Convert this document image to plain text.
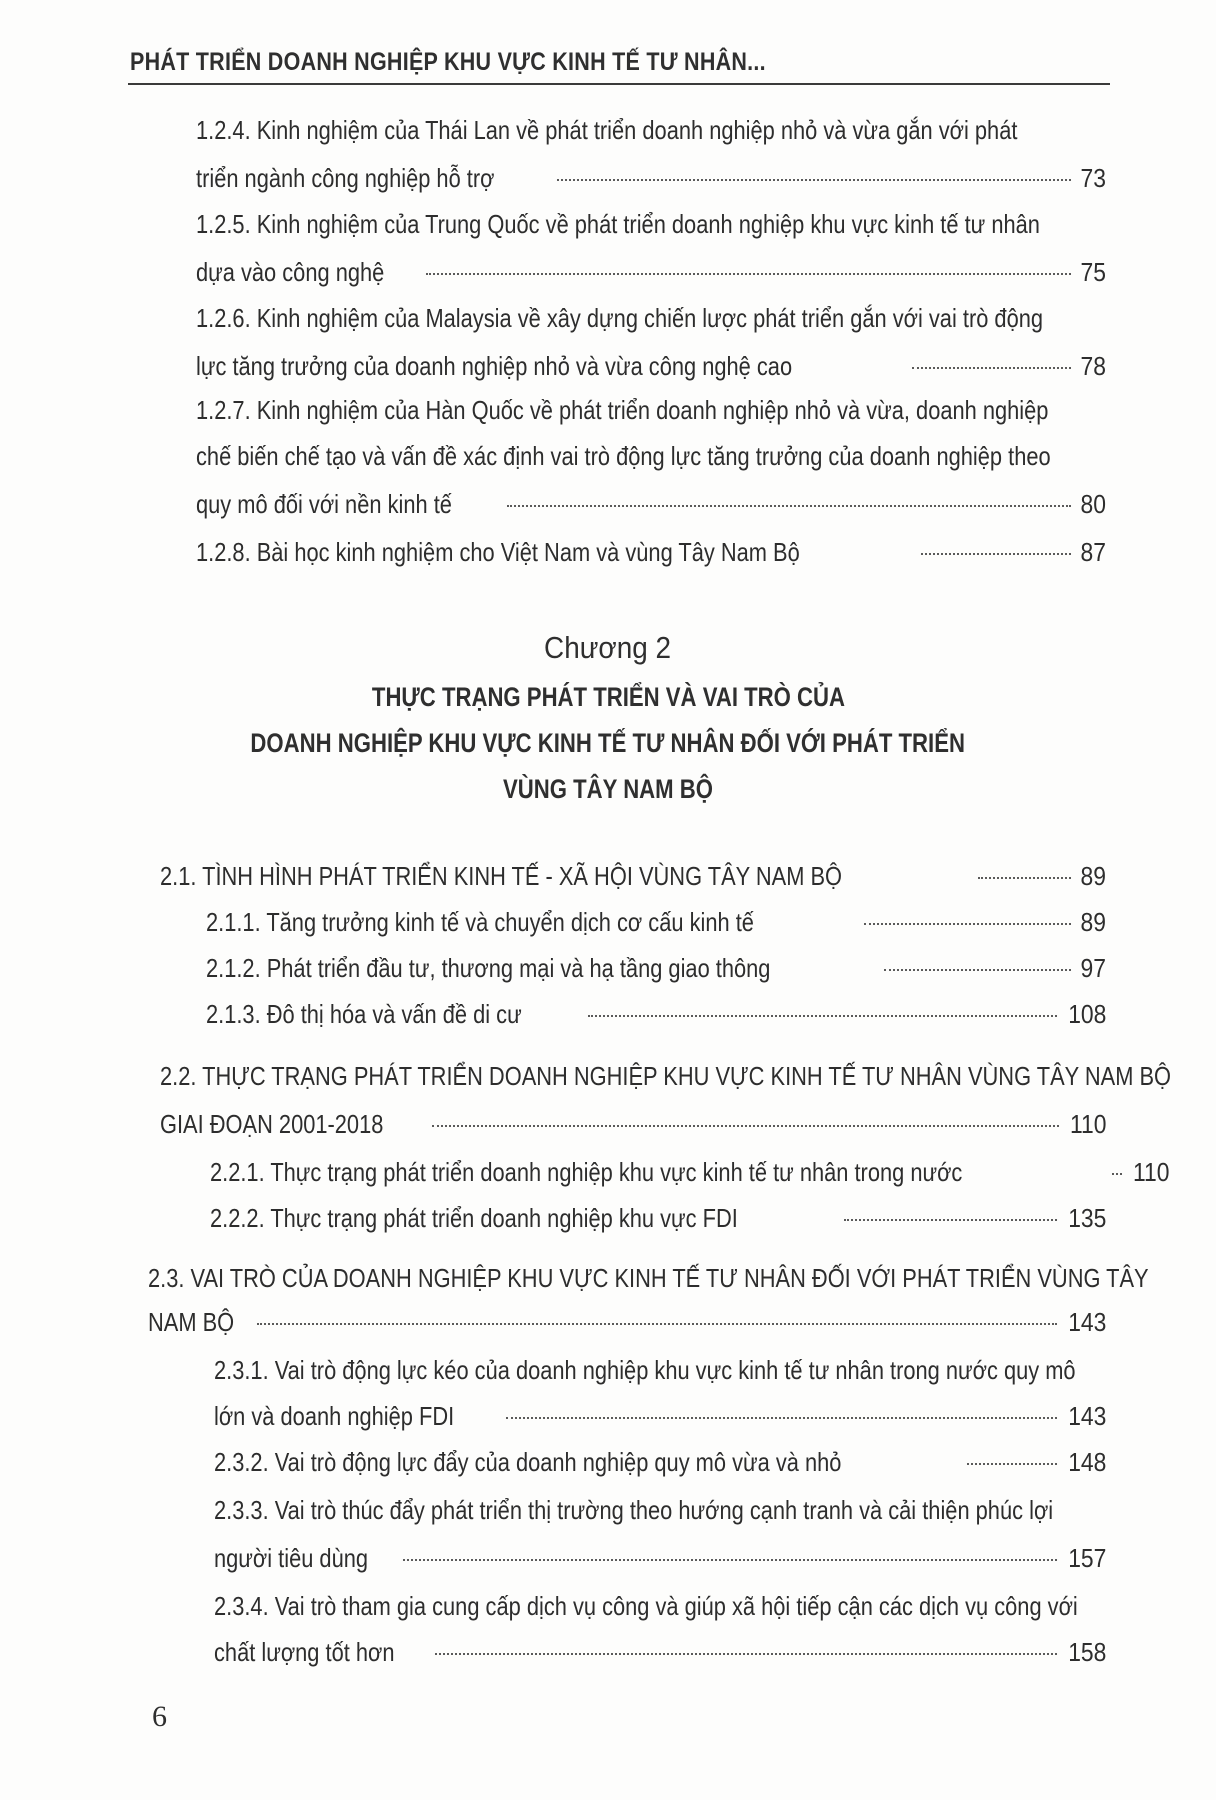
PHÁT TRIỂN DOANH NGHIỆP KHU VỰC KINH TẾ TƯ NHÂN...
1.2.4. Kinh nghiệm của Thái Lan về phát triển doanh nghiệp nhỏ và vừa gắn với phát
triển ngành công nghiệp hỗ trợ	73
1.2.5. Kinh nghiệm của Trung Quốc về phát triển doanh nghiệp khu vực kinh tế tư nhân
dựa vào công nghệ	75
1.2.6. Kinh nghiệm của Malaysia về xây dựng chiến lược phát triển gắn với vai trò động
lực tăng trưởng của doanh nghiệp nhỏ và vừa công nghệ cao	78
1.2.7. Kinh nghiệm của Hàn Quốc về phát triển doanh nghiệp nhỏ và vừa, doanh nghiệp
chế biến chế tạo và vấn đề xác định vai trò động lực tăng trưởng của doanh nghiệp theo
quy mô đối với nền kinh tế	80
1.2.8. Bài học kinh nghiệm cho Việt Nam và vùng Tây Nam Bộ	87
Chương 2
THỰC TRẠNG PHÁT TRIỂN VÀ VAI TRÒ CỦA
DOANH NGHIỆP KHU VỰC KINH TẾ TƯ NHÂN ĐỐI VỚI PHÁT TRIỂN
VÙNG TÂY NAM BỘ
2.1. TÌNH HÌNH PHÁT TRIỂN KINH TẾ - XÃ HỘI VÙNG TÂY NAM BỘ	89
2.1.1. Tăng trưởng kinh tế và chuyển dịch cơ cấu kinh tế	89
2.1.2. Phát triển đầu tư, thương mại và hạ tầng giao thông	97
2.1.3. Đô thị hóa và vấn đề di cư	108
2.2. THỰC TRẠNG PHÁT TRIỂN DOANH NGHIỆP KHU VỰC KINH TẾ TƯ NHÂN VÙNG TÂY NAM BỘ
GIAI ĐOẠN 2001-2018	110
2.2.1. Thực trạng phát triển doanh nghiệp khu vực kinh tế tư nhân trong nước	110
2.2.2. Thực trạng phát triển doanh nghiệp khu vực FDI	135
2.3. VAI TRÒ CỦA DOANH NGHIỆP KHU VỰC KINH TẾ TƯ NHÂN ĐỐI VỚI PHÁT TRIỂN VÙNG TÂY
NAM BỘ	143
2.3.1. Vai trò động lực kéo của doanh nghiệp khu vực kinh tế tư nhân trong nước quy mô
lớn và doanh nghiệp FDI	143
2.3.2. Vai trò động lực đẩy của doanh nghiệp quy mô vừa và nhỏ	148
2.3.3. Vai trò thúc đẩy phát triển thị trường theo hướng cạnh tranh và cải thiện phúc lợi
người tiêu dùng	157
2.3.4. Vai trò tham gia cung cấp dịch vụ công và giúp xã hội tiếp cận các dịch vụ công với
chất lượng tốt hơn	158
6
